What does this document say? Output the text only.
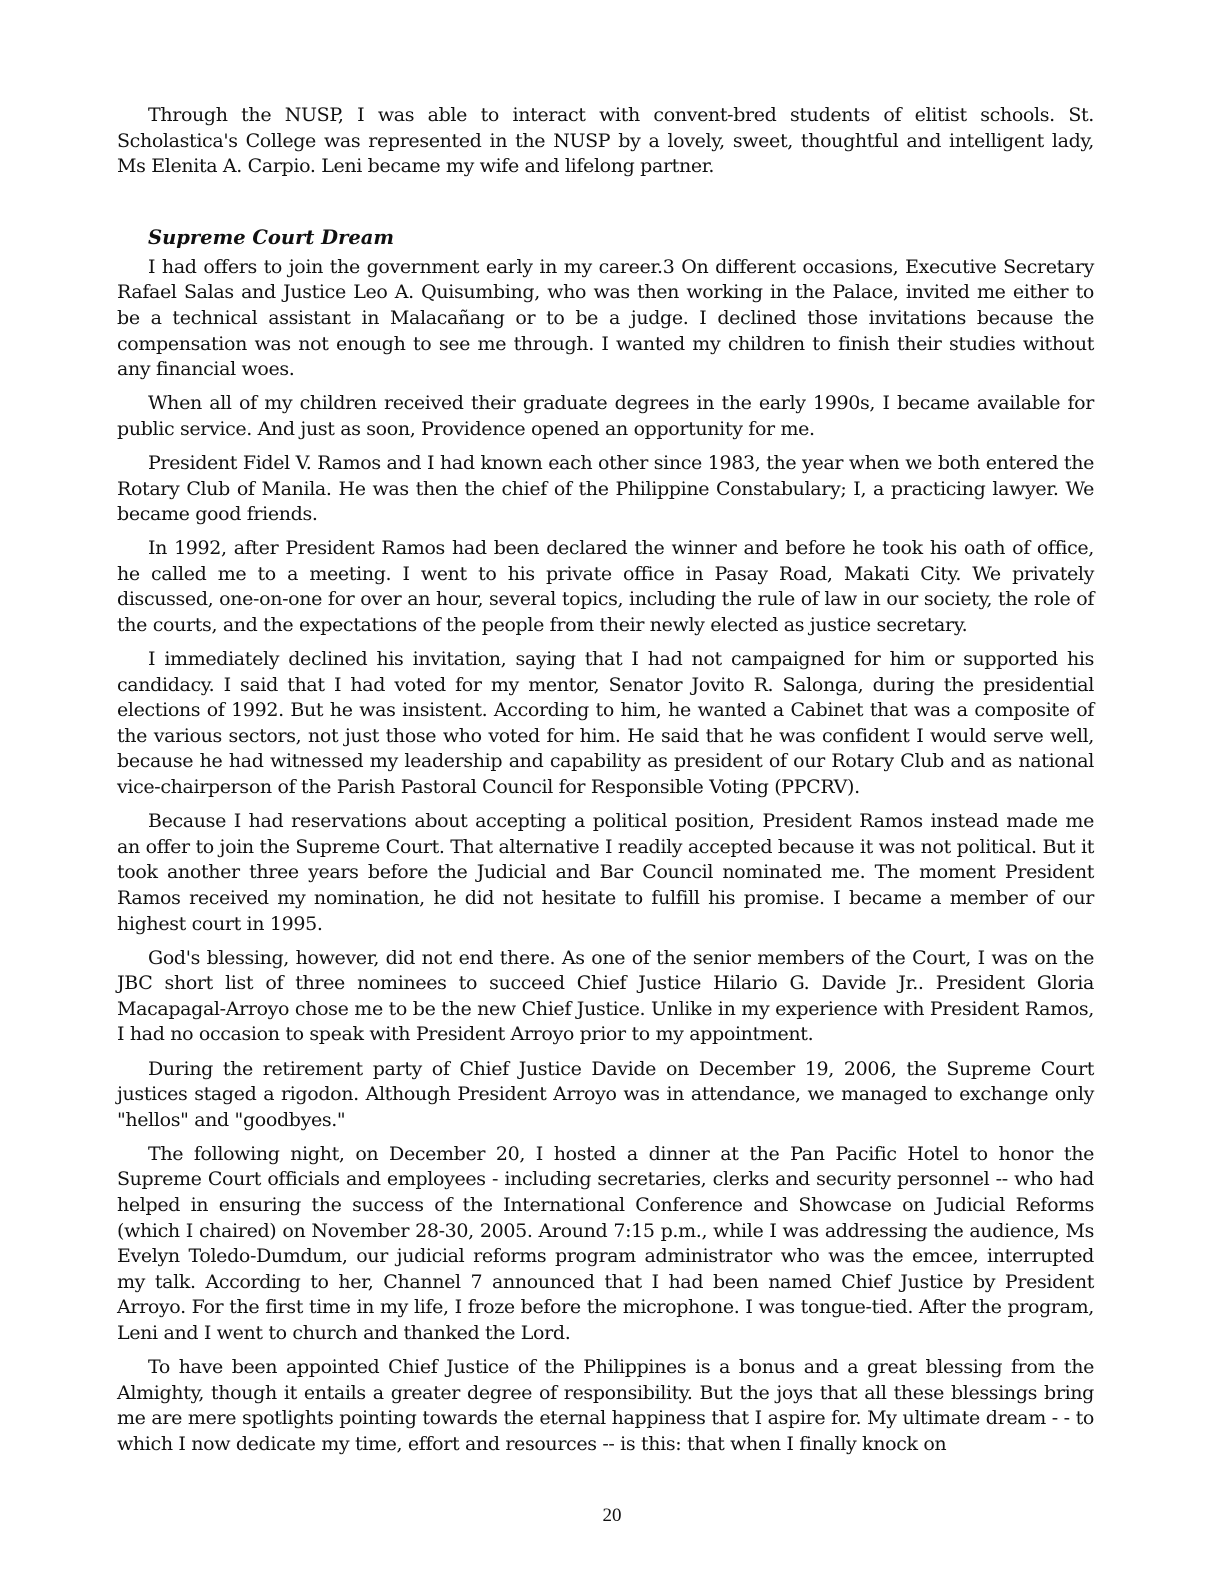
Through the NUSP, I was able to interact with convent-bred students of elitist schools. St. Scholastica's College was represented in the NUSP by a lovely, sweet, thoughtful and intelligent lady, Ms Elenita A. Carpio. Leni became my wife and lifelong partner.

Supreme Court Dream

I had offers to join the government early in my career.3 On different occasions, Executive Secretary Rafael Salas and Justice Leo A. Quisumbing, who was then working in the Palace, invited me either to be a technical assistant in Malacañang or to be a judge. I declined those invitations because the compensation was not enough to see me through. I wanted my children to finish their studies without any financial woes.

When all of my children received their graduate degrees in the early 1990s, I became available for public service. And just as soon, Providence opened an opportunity for me.

President Fidel V. Ramos and I had known each other since 1983, the year when we both entered the Rotary Club of Manila. He was then the chief of the Philippine Constabulary; I, a practicing lawyer. We became good friends.

In 1992, after President Ramos had been declared the winner and before he took his oath of office, he called me to a meeting. I went to his private office in Pasay Road, Makati City. We privately discussed, one-on-one for over an hour, several topics, including the rule of law in our society, the role of the courts, and the expectations of the people from their newly elected as justice secretary.

I immediately declined his invitation, saying that I had not campaigned for him or supported his candidacy. I said that I had voted for my mentor, Senator Jovito R. Salonga, during the presidential elections of 1992. But he was insistent. According to him, he wanted a Cabinet that was a composite of the various sectors, not just those who voted for him. He said that he was confident I would serve well, because he had witnessed my leadership and capability as president of our Rotary Club and as national vice-chairperson of the Parish Pastoral Council for Responsible Voting (PPCRV).

Because I had reservations about accepting a political position, President Ramos instead made me an offer to join the Supreme Court. That alternative I readily accepted because it was not political. But it took another three years before the Judicial and Bar Council nominated me. The moment President Ramos received my nomination, he did not hesitate to fulfill his promise. I became a member of our highest court in 1995.

God's blessing, however, did not end there. As one of the senior members of the Court, I was on the JBC short list of three nominees to succeed Chief Justice Hilario G. Davide Jr.. President Gloria Macapagal-Arroyo chose me to be the new Chief Justice. Unlike in my experience with President Ramos, I had no occasion to speak with President Arroyo prior to my appointment.

During the retirement party of Chief Justice Davide on December 19, 2006, the Supreme Court justices staged a rigodon. Although President Arroyo was in attendance, we managed to exchange only "hellos" and "goodbyes."

The following night, on December 20, I hosted a dinner at the Pan Pacific Hotel to honor the Supreme Court officials and employees - including secretaries, clerks and security personnel -- who had helped in ensuring the success of the International Conference and Showcase on Judicial Reforms (which I chaired) on November 28-30, 2005. Around 7:15 p.m., while I was addressing the audience, Ms Evelyn Toledo-Dumdum, our judicial reforms program administrator who was the emcee, interrupted my talk. According to her, Channel 7 announced that I had been named Chief Justice by President Arroyo. For the first time in my life, I froze before the microphone. I was tongue-tied. After the program, Leni and I went to church and thanked the Lord.

To have been appointed Chief Justice of the Philippines is a bonus and a great blessing from the Almighty, though it entails a greater degree of responsibility. But the joys that all these blessings bring me are mere spotlights pointing towards the eternal happiness that I aspire for. My ultimate dream - - to which I now dedicate my time, effort and resources -- is this: that when I finally knock on

20
